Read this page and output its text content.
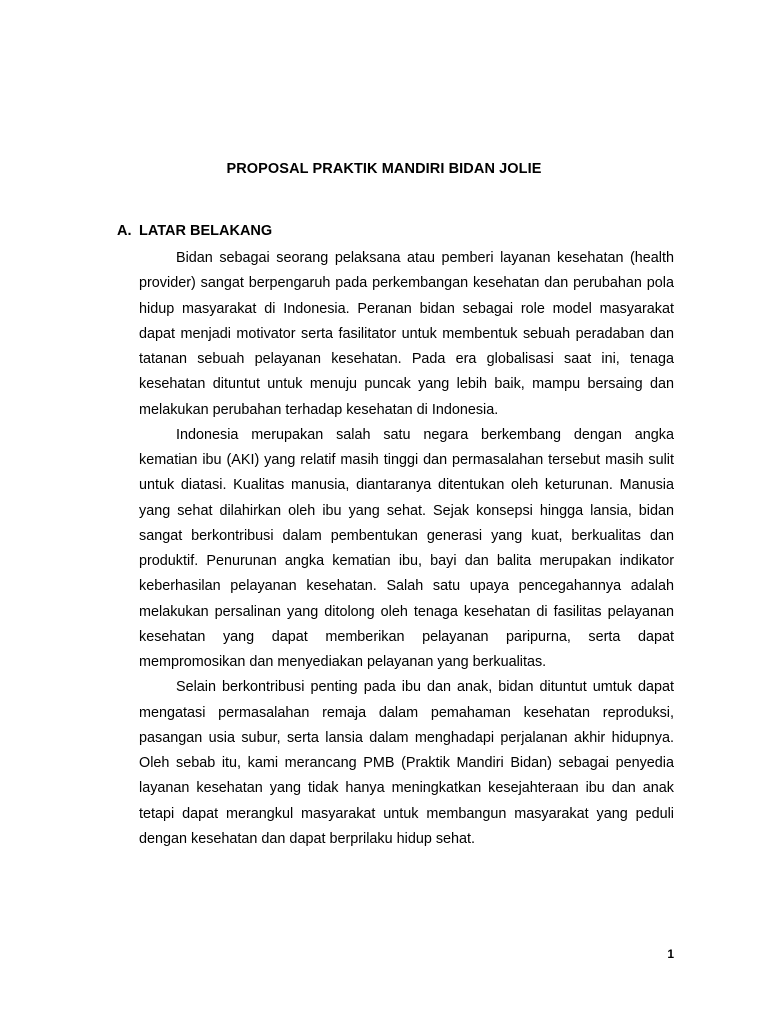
PROPOSAL PRAKTIK MANDIRI BIDAN JOLIE
A. LATAR BELAKANG

Bidan sebagai seorang pelaksana atau pemberi layanan kesehatan (health provider) sangat berpengaruh pada perkembangan kesehatan dan perubahan pola hidup masyarakat di Indonesia. Peranan bidan sebagai role model masyarakat dapat menjadi motivator serta fasilitator untuk membentuk sebuah peradaban dan tatanan sebuah pelayanan kesehatan. Pada era globalisasi saat ini, tenaga kesehatan dituntut untuk menuju puncak yang lebih baik, mampu bersaing dan melakukan perubahan terhadap kesehatan di Indonesia.

Indonesia merupakan salah satu negara berkembang dengan angka kematian ibu (AKI) yang relatif masih tinggi dan permasalahan tersebut masih sulit untuk diatasi. Kualitas manusia, diantaranya ditentukan oleh keturunan. Manusia yang sehat dilahirkan oleh ibu yang sehat. Sejak konsepsi hingga lansia, bidan sangat berkontribusi dalam pembentukan generasi yang kuat, berkualitas dan produktif. Penurunan angka kematian ibu, bayi dan balita merupakan indikator keberhasilan pelayanan kesehatan. Salah satu upaya pencegahannya adalah melakukan persalinan yang ditolong oleh tenaga kesehatan di fasilitas pelayanan kesehatan yang dapat memberikan pelayanan paripurna, serta dapat mempromosikan dan menyediakan pelayanan yang berkualitas.

Selain berkontribusi penting pada ibu dan anak, bidan dituntut umtuk dapat mengatasi permasalahan remaja dalam pemahaman kesehatan reproduksi, pasangan usia subur, serta lansia dalam menghadapi perjalanan akhir hidupnya. Oleh sebab itu, kami merancang PMB (Praktik Mandiri Bidan) sebagai penyedia layanan kesehatan yang tidak hanya meningkatkan kesejahteraan ibu dan anak tetapi dapat merangkul masyarakat untuk membangun masyarakat yang peduli dengan kesehatan dan dapat berprilaku hidup sehat.

1
